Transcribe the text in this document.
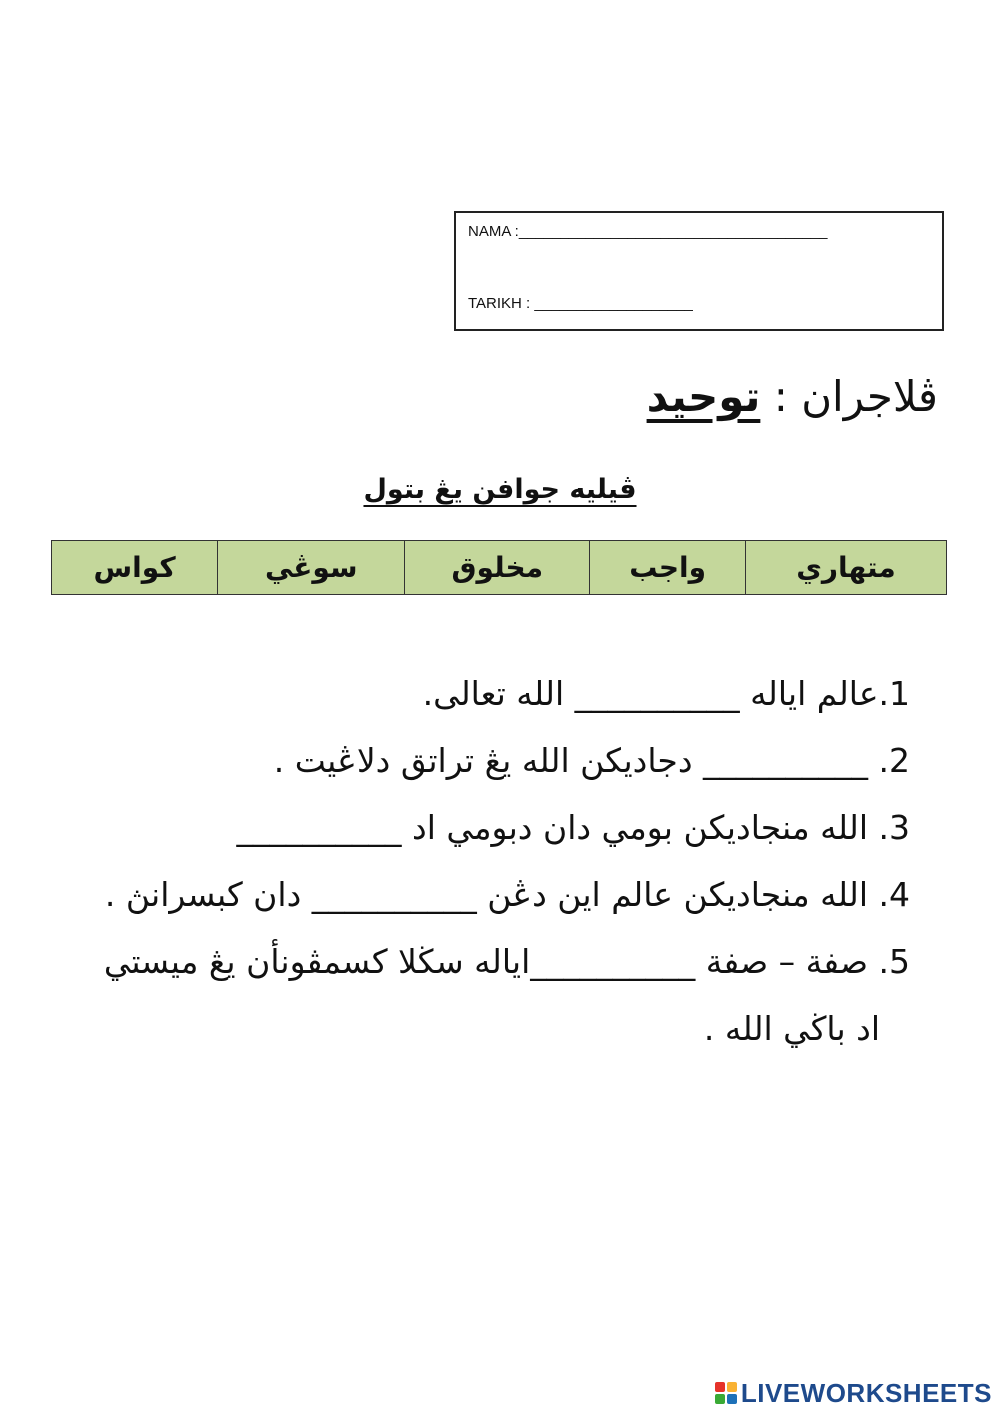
NAMA :_____________________________________
TARIKH : ___________________
ڤلاجران : توحيد
ڤيليه جوافن يڠ بتول
متهاري	واجب	مخلوق	سوڠي	كواس
1.عالم اياله __________ الله تعالى.
2. __________ دجاديكن الله يڠ تراتق دلاڠيت .
3. الله منجاديكن بومي دان دبومي اد __________
4. الله منجاديكن عالم اين دڠن __________ دان كبسرانڽ .
5. صفة – صفة __________اياله سڬلا كسمڤونأن يڠ ميستي
اد باڬي الله .
LIVEWORKSHEETS
